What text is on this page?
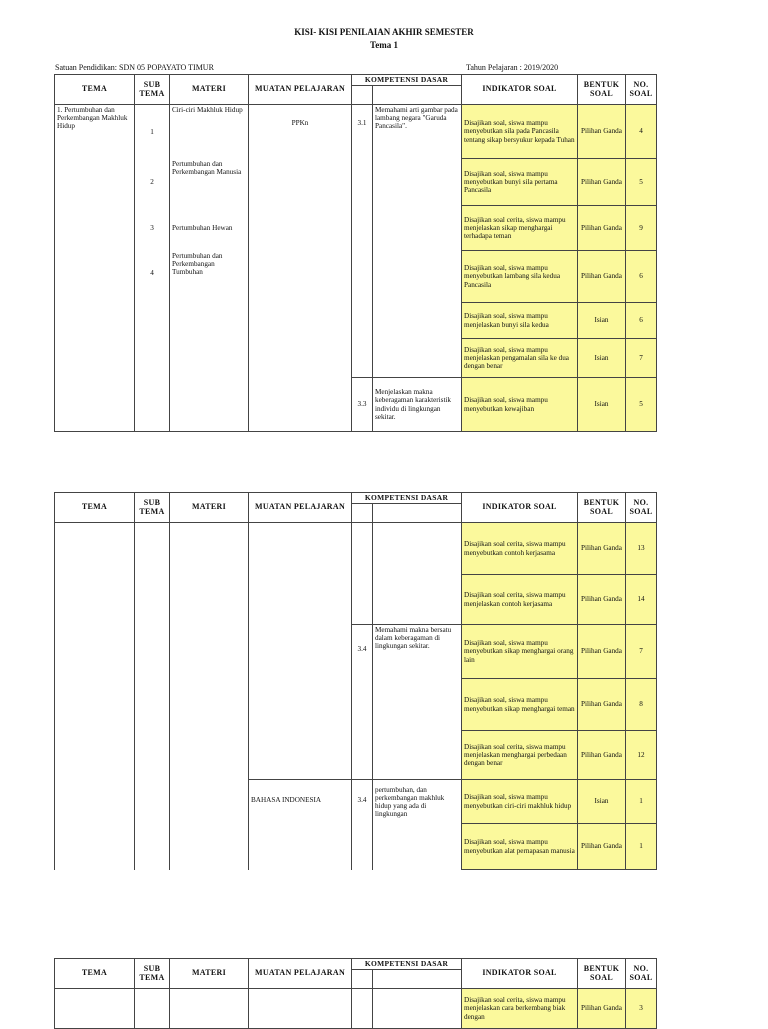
KISI- KISI PENILAIAN AKHIR SEMESTER
Tema 1
Satuan Pendidikan: SDN 05 POPAYATO TIMUR	Tahun Pelajaran : 2019/2020
TEMA	SUB TEMA	MATERI	MUATAN PELAJARAN	KOMPETENSI DASAR		INDIKATOR SOAL	BENTUK SOAL	NO. SOAL

1. Pertumbuhan dan Perkembangan Makhluk Hidup	1	Ciri-ciri Makhluk Hidup	PPKn	3.1	Memahami arti gambar pada lambang negara "Garuda Pancasila".	Disajikan soal, siswa mampu menyebutkan sila pada Pancasila tentang sikap bersyukur kepada Tuhan	Pilihan Ganda	4
	2	Pertumbuhan dan Perkembangan Manusia				Disajikan soal, siswa mampu menyebutkan bunyi sila pertama Pancasila	Pilihan Ganda	5
	3	Pertumbuhan Hewan				Disajikan soal cerita, siswa mampu menjelaskan sikap menghargai terhadapa teman	Pilihan Ganda	9
	4	Pertumbuhan dan Perkembangan Tumbuhan				Disajikan soal, siswa mampu menyebutkan lambang sila kedua Pancasila	Pilihan Ganda	6
						Disajikan soal, siswa mampu menjelaskan bunyi sila kedua	Isian	6
						Disajikan soal, siswa mampu menjelaskan pengamalan sila ke dua dengan benar	Isian	7
				3.3	Menjelaskan makna keberagaman karakteristik individu di lingkungan sekitar.	Disajikan soal, siswa mampu menyebutkan kewajiban	Isian	5
TEMA	SUB TEMA	MATERI	MUATAN PELAJARAN	KOMPETENSI DASAR		INDIKATOR SOAL	BENTUK SOAL	NO. SOAL

						Disajikan soal cerita, siswa mampu menyebutkan contoh kerjasama	Pilihan Ganda	13
						Disajikan soal cerita, siswa mampu menjelaskan contoh kerjasama	Pilihan Ganda	14
				3.4	Memahami makna bersatu dalam keberagaman di lingkungan sekitar.	Disajikan soal, siswa mampu menyebutkan sikap menghargai orang lain	Pilihan Ganda	7
						Disajikan soal, siswa mampu menyebutkan sikap menghargai teman	Pilihan Ganda	8
						Disajikan soal cerita, siswa mampu menjelaskan menghargai perbedaan dengan benar	Pilihan Ganda	12
			BAHASA INDONESIA	3.4	pertumbuhan, dan perkembangan makhluk hidup yang ada di lingkungan	Disajikan soal, siswa mampu menyebutkan ciri-ciri makhluk hidup	Isian	1
						Disajikan soal, siswa mampu menyebutkan alat pernapasan manusia	Pilihan Ganda	1
TEMA	SUB TEMA	MATERI	MUATAN PELAJARAN	KOMPETENSI DASAR		INDIKATOR SOAL	BENTUK SOAL	NO. SOAL

						Disajikan soal cerita, siswa mampu menjelaskan cara berkembang biak dengan	Pilihan Ganda	3
